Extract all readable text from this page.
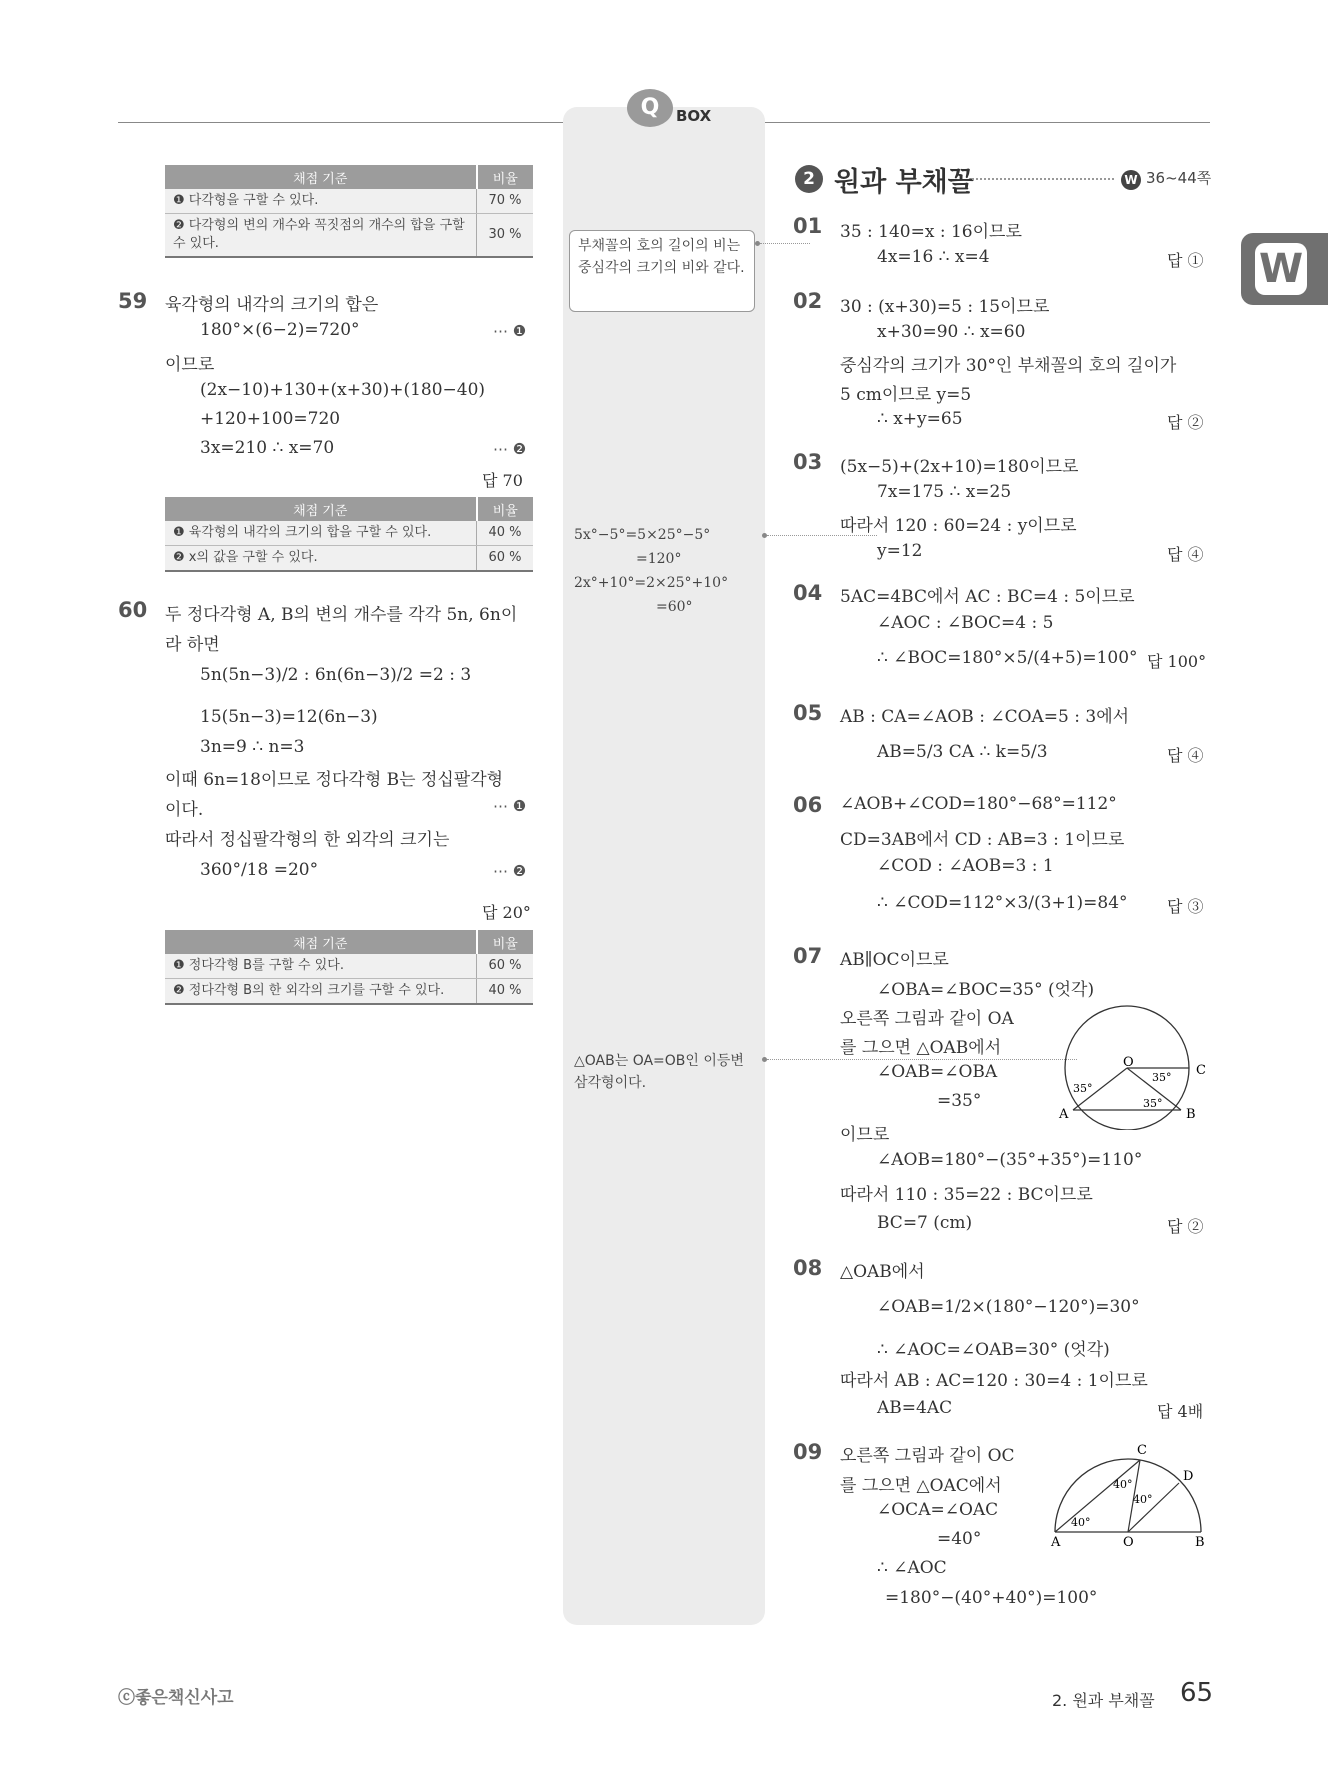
Q	BOX
채점 기준	비율
❶ 다각형을 구할 수 있다.	70 %
❷ 다각형의 변의 개수와 꼭짓점의 개수의 합을 구할 수 있다.	30 %
59 육각형의 내각의 크기의 합은
180°×(6−2)=720°	⋯ ❶
이므로
(2x−10)+130+(x+30)+(180−40)
+120+100=720
3x=210 ∴ x=70	⋯ ❷
답 70
채점 기준	비율
❶ 육각형의 내각의 크기의 합을 구할 수 있다.	40 %
❷ x의 값을 구할 수 있다.	60 %
60 두 정다각형 A, B의 변의 개수를 각각 5n, 6n이
라 하면
5n(5n−3)/2 : 6n(6n−3)/2 =2 : 3
15(5n−3)=12(6n−3)
3n=9 ∴ n=3
이때 6n=18이므로 정다각형 B는 정십팔각형
이다.	⋯ ❶
따라서 정십팔각형의 한 외각의 크기는
360°/18 =20°	⋯ ❷
답 20°
채점 기준	비율
❶ 정다각형 B를 구할 수 있다.	60 %
❷ 정다각형 B의 한 외각의 크기를 구할 수 있다.	40 %
부채꼴의 호의 길이의 비는 중심각의 크기의 비와 같다.
5x°−5°=5×25°−5°
=120°
2x°+10°=2×25°+10°
=60°
△OAB는 OA=OB인 이등변삼각형이다.
2 원과 부채꼴	W 36~44쪽
W
01 35 : 140=x : 16이므로
4x=16 ∴ x=4	답 ①
02 30 : (x+30)=5 : 15이므로
x+30=90 ∴ x=60
중심각의 크기가 30°인 부채꼴의 호의 길이가
5 cm이므로 y=5
∴ x+y=65	답 ②
03 (5x−5)+(2x+10)=180이므로
7x=175 ∴ x=25
따라서 120 : 60=24 : y이므로
y=12	답 ④
04 5AC=4BC에서 AC : BC=4 : 5이므로
∠AOC : ∠BOC=4 : 5
∴ ∠BOC=180°×5/(4+5)=100° 답 100°
05 AB : CA=∠AOB : ∠COA=5 : 3에서
AB=5/3 CA ∴ k=5/3	답 ④
06 ∠AOB+∠COD=180°−68°=112°
CD=3AB에서 CD : AB=3 : 1이므로
∠COD : ∠AOB=3 : 1
∴ ∠COD=112°×3/(3+1)=84° 답 ③
07 AB∥OC이므로
∠OBA=∠BOC=35° (엇각)
오른쪽 그림과 같이 OA
를 그으면 △OAB에서
∠OAB=∠OBA
=35°
이므로
∠AOB=180°−(35°+35°)=110°
따라서 110 : 35=22 : BC이므로
BC=7 (cm)	답 ②
O
C
A	B
35°
35°
35°
08 △OAB에서
∠OAB=1/2×(180°−120°)=30°
∴ ∠AOC=∠OAB=30° (엇각)
따라서 AB : AC=120 : 30=4 : 1이므로
AB=4AC	답 4배
09 오른쪽 그림과 같이 OC
를 그으면 △OAC에서
∠OCA=∠OAC
=40°
∴ ∠AOC
=180°−(40°+40°)=100°
C
D
A	O	B
40°
40°
40°
ⓒ좋은책신사고	2. 원과 부채꼴 65
